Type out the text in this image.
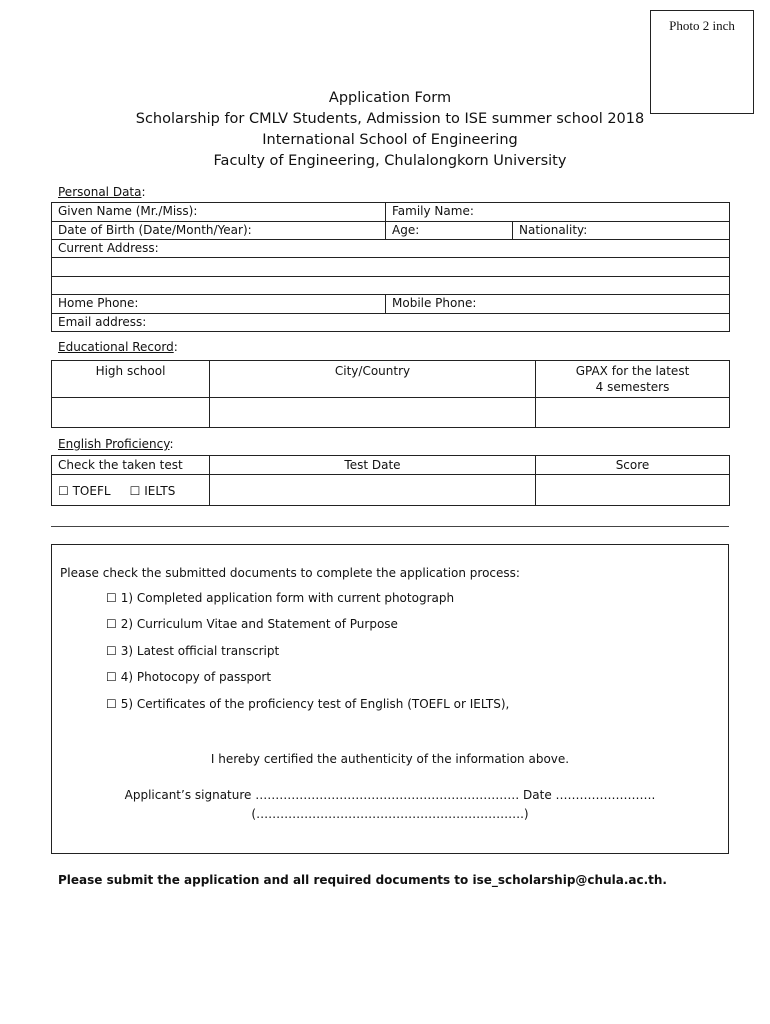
Photo 2 inch
Application Form
Scholarship for CMLV Students, Admission to ISE summer school 2018
International School of Engineering
Faculty of Engineering, Chulalongkorn University
Personal Data:
Given Name (Mr./Miss):	Family Name:	
Date of Birth (Date/Month/Year):	Age:	Nationality:
Current Address:		

Home Phone:	Mobile Phone:	
Email address:		
Educational Record:
High school	City/Country	GPAX for the latest
4 semesters

English Proficiency:
Check the taken test	Test Date	Score
☐ TOEFL ☐ IELTS		
Please check the submitted documents to complete the application process:
☐ 1) Completed application form with current photograph
☐ 2) Curriculum Vitae and Statement of Purpose
☐ 3) Latest official transcript
☐ 4) Photocopy of passport
☐ 5) Certificates of the proficiency test of English (TOEFL or IELTS),
I hereby certified the authenticity of the information above.
Applicant’s signature ………………………………………………………… Date …………………….
(………………………………………………………….)
Please submit the application and all required documents to ise_scholarship@chula.ac.th.
